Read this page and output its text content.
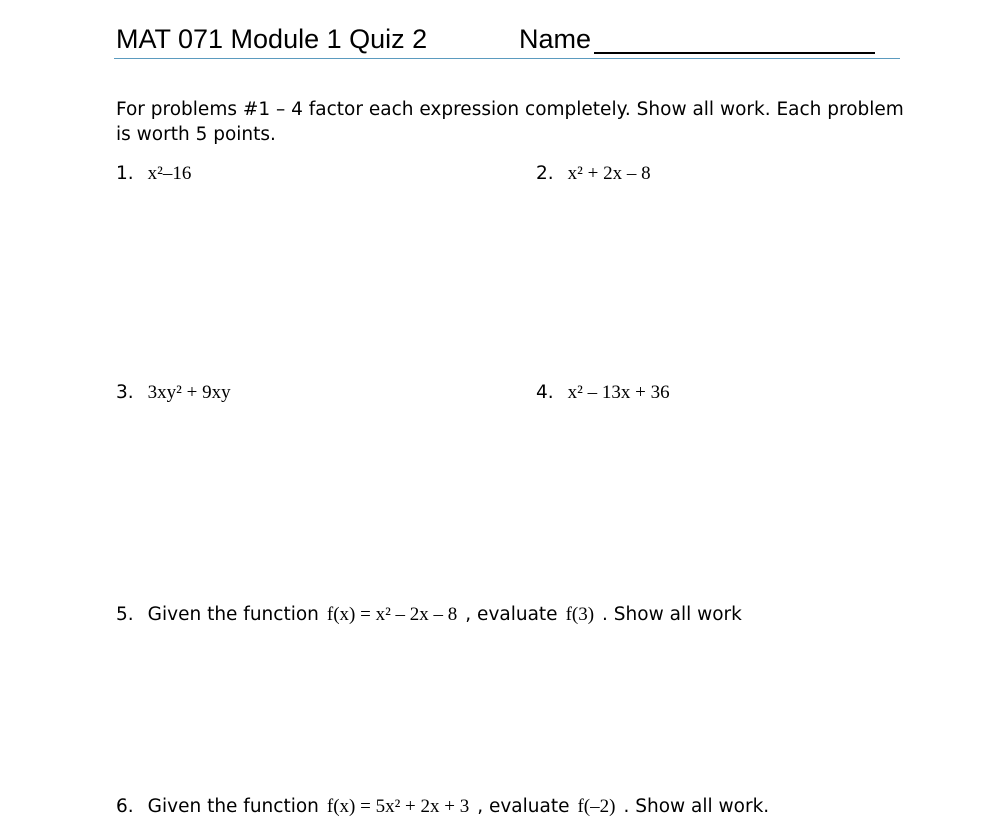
MAT 071 Module 1 Quiz 2	Name
For problems #1 – 4 factor each expression completely. Show all work. Each problem is worth 5 points.
1. x²–16	2. x² + 2x – 8
3. 3xy² + 9xy	4. x² – 13x + 36
5. Given the function f(x) = x² – 2x – 8 , evaluate f(3) . Show all work
6. Given the function f(x) = 5x² + 2x + 3 , evaluate f(–2) . Show all work.
